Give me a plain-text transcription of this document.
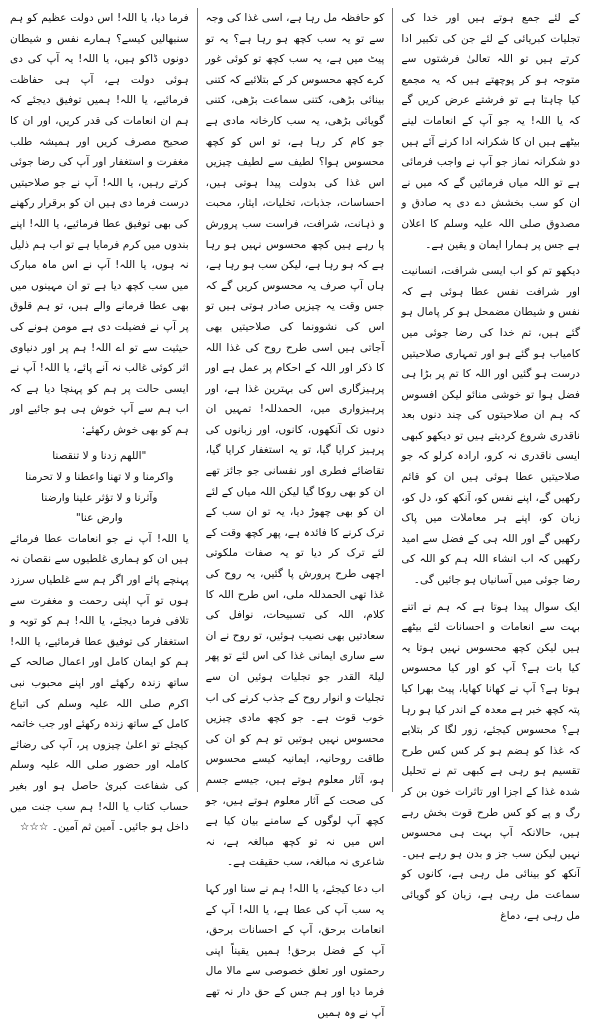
کے لئے جمع ہوتے ہیں اور خدا کی تجلیات کبریائی کے لئے جن کی تکبیر ادا کرتے ہیں تو اللہ تعالیٰ فرشتوں سے متوجہ ہو کر پوچھتے ہیں کہ یہ مجمع کیا چاہتا ہے تو فرشتے عرض کریں گے کہ یا اللہ! یہ جو آپ کے انعامات لینے بیٹھے ہیں ان کا شکرانہ ادا کرنے آئے ہیں دو شکرانہ نماز جو آپ نے واجب فرمائی ہے تو اللہ میاں فرمائیں گے کہ میں نے ان کو سب بخشش دے دی یہ صادق و مصدوق صلی اللہ علیہ وسلم کا اعلان ہے جس پر ہمارا ایمان و یقین ہے۔

دیکھو تم کو اب ایسی شرافت، انسانیت اور شرافت نفس عطا ہوئی ہے کہ نفس و شیطان مضمحل ہو کر پامال ہو گئے ہیں، تم خدا کی رضا جوئی میں کامیاب ہو گئے ہو اور تمہاری صلاحیتیں درست ہو گئیں اور اللہ کا تم پر بڑا ہی فضل ہوا تو خوشی منائو لیکن افسوس کہ ہم ان صلاحیتوں کی چند دنوں بعد ناقدری شروع کردیتے ہیں تو دیکھو کبھی ایسی ناقدری نہ کرو، ارادہ کرلو کہ جو صلاحیتیں عطا ہوئی ہیں ان کو قائم رکھیں گے، اپنے نفس کو، آنکھ کو، دل کو، زبان کو، اپنے ہر معاملات میں پاک رکھیں گے اور اللہ ہی کے فضل سے امید رکھیں کہ اب انشاء اللہ ہم کو اللہ کی رضا جوئی میں آسانیاں ہو جائیں گی۔

ایک سوال پیدا ہوتا ہے کہ ہم نے اتنے بہت سے انعامات و احسانات لئے بیٹھے ہیں لیکن کچھ محسوس نہیں ہوتا یہ کیا بات ہے؟ آپ کو اور کیا محسوس ہوتا ہے؟ آپ نے کھانا کھایا، پیٹ بھرا کیا پتہ کچھ خبر ہے معدہ کے اندر کیا ہو رہا ہے؟ محسوس کیجئے، زور لگا کر بتلایے کہ غذا کو ہضم ہو کر کس کس طرح تقسیم ہو رہی ہے کبھی تم نے تحلیل شدہ غذا کے اجزا اور تاثرات خون بن کر رگ و پے کو کس طرح قوت بخش رہے ہیں، حالانکہ آپ بہت ہی محسوس نہیں لیکن سب جز و بدن ہو رہے ہیں۔ آنکھ کو بینائی مل رہی ہے، کانوں کو سماعت مل رہی ہے، زبان کو گویائی مل رہی ہے، دماغ

کو حافظہ مل رہا ہے، اسی غذا کی وجہ سے تو یہ سب کچھ ہو رہا ہے؟ یہ تو پیٹ میں ہے، یہ سب کچھ تو کوئی غور کرے کچھ محسوس کر کے بتلائیے کہ کتنی بینائی بڑھی، کتنی سماعت بڑھی، کتنی گویائی بڑھی، یہ سب کارخانہ مادی ہے جو کام کر رہا ہے، تو اس کو کچھ محسوس ہوا؟ لطیف سے لطیف چیزیں اس غذا کی بدولت پیدا ہوتی ہیں، احساسات، جذبات، تخلیات، ایثار، محبت و ذہانت، شرافت، فراست سب پرورش پا رہے ہیں کچھ محسوس نہیں ہو رہا ہے کہ ہو رہا ہے، لیکن سب ہو رہا ہے، ہاں آپ صرف یہ محسوس کریں گے کہ جس وقت یہ چیزیں صادر ہوتی ہیں تو اس کی نشوونما کی صلاحیتیں بھی آجاتی ہیں اسی طرح روح کی غذا اللہ کا ذکر اور اللہ کے احکام پر عمل ہے اور پرہیزگاری اس کی بہترین غذا ہے، اور پرہیزواری میں، الحمدللہ! تمہیں ان دنوں تک آنکھوں، کانوں، اور زبانوں کی پرہیز کرایا گیا، تو یہ استغفار کرایا گیا، تقاضائے فطری اور نفسانی جو جائز تھے ان کو بھی روکا گیا لیکن اللہ میاں کے لئے ان کو بھی چھوڑ دیا، یہ تو ان سب کے ترک کرنے کا فائدہ ہے، پھر کچھ وقت کے لئے ترک کر دیا تو یہ صفات ملکوتی اچھی طرح پرورش پا گئیں، یہ روح کی غذا تھی الحمدللہ ملی، اس طرح اللہ کا کلام، اللہ کی تسبیحات، نوافل کی سعادتیں بھی نصیب ہوئیں، تو روح نے ان سے ساری ایمانی غذا کی اس لئے تو پھر لیلۃ القدر جو تجلیات ہوئیں ان سے تجلیات و انوار روح کے جذب کرنے کی اب خوب قوت ہے۔ جو کچھ مادی چیزیں محسوس نہیں ہوتیں تو ہم کو ان کی طاقت روحانیہ، ایمانیہ کیسے محسوس ہو، آثار معلوم ہوتے ہیں، جیسے جسم کی صحت کے آثار معلوم ہوتے ہیں، جو کچھ آپ لوگوں کے سامنے بیان کیا ہے اس میں نہ تو کچھ مبالغہ ہے، نہ شاعری نہ مبالغہ، سب حقیقت ہے۔

اب دعا کیجئے، یا اللہ! ہم نے سنا اور کہا یہ سب آپ کی عطا ہے، یا اللہ! آپ کے انعامات برحق، آپ کے احسانات برحق، آپ کے فضل برحق! ہمیں یقیناً اپنی رحمتوں اور تعلق خصوصی سے مالا مال فرما دیا اور ہم جس کے حق دار نہ تھے آپ نے وہ ہمیں

فرما دیا، یا اللہ! اس دولت عظیم کو ہم سنبھالیں کیسے؟ ہمارے نفس و شیطان دونوں ڈاکو ہیں، یا اللہ! یہ آپ کی دی ہوئی دولت ہے، آپ ہی حفاظت فرمائیے، یا اللہ! ہمیں توفیق دیجئے کہ ہم ان انعامات کی قدر کریں، اور ان کا صحیح مصرف کریں اور ہمیشہ طلب مغفرت و استغفار اور آپ کی رضا جوئی کرتے رہیں، یا اللہ! آپ نے جو صلاحیتیں درست فرما دی ہیں ان کو برقرار رکھنے کی بھی توفیق عطا فرمائیے، یا اللہ! اپنے بندوں میں کرم فرمایا ہے تو اب ہم ذلیل نہ ہوں، یا اللہ! آپ نے اس ماہ مبارک میں سب کچھ دیا ہے تو ان مہینوں میں بھی عطا فرمانے والے ہیں، تو ہم قلوق پر آپ نے فضیلت دی ہے مومن ہونے کی حیثیت سے تو اے اللہ! ہم پر اور دنیاوی اثر کوئی غالب نہ آنے پائے، یا اللہ! آپ نے ایسی حالت پر ہم کو پہنچا دیا ہے کہ اب ہم سے آپ خوش ہی ہو جائیے اور ہم کو بھی خوش رکھئے:

"اللھم زدنا و لا تنقصنا

واکرمنا و لا تھنا واعطنا و لا تحرمنا

وآثرنا و لا تؤثر علینا وارضنا

وارض عنا"

یا اللہ! آپ نے جو انعامات عطا فرمائے ہیں ان کو ہماری غلطیوں سے نقصان نہ پہنچے پائے اور اگر ہم سے غلطیاں سرزد ہوں تو آپ اپنی رحمت و مغفرت سے تلافی فرما دیجئے، یا اللہ! ہم کو توبہ و استغفار کی توفیق عطا فرمائیے، یا اللہ! ہم کو ایمان کامل اور اعمال صالحہ کے ساتھ زندہ رکھئے اور اپنے محبوب نبی اکرم صلی اللہ علیہ وسلم کی اتباع کامل کے ساتھ زندہ رکھئے اور جب خاتمہ کیجئے تو اعلیٰ چیزوں پر، آپ کی رضائے کاملہ اور حضور صلی اللہ علیہ وسلم کی شفاعت کبریٰ حاصل ہو اور بغیر حساب کتاب یا اللہ! ہم سب جنت میں داخل ہو جائیں۔ آمین ثم آمین۔ ☆☆☆
